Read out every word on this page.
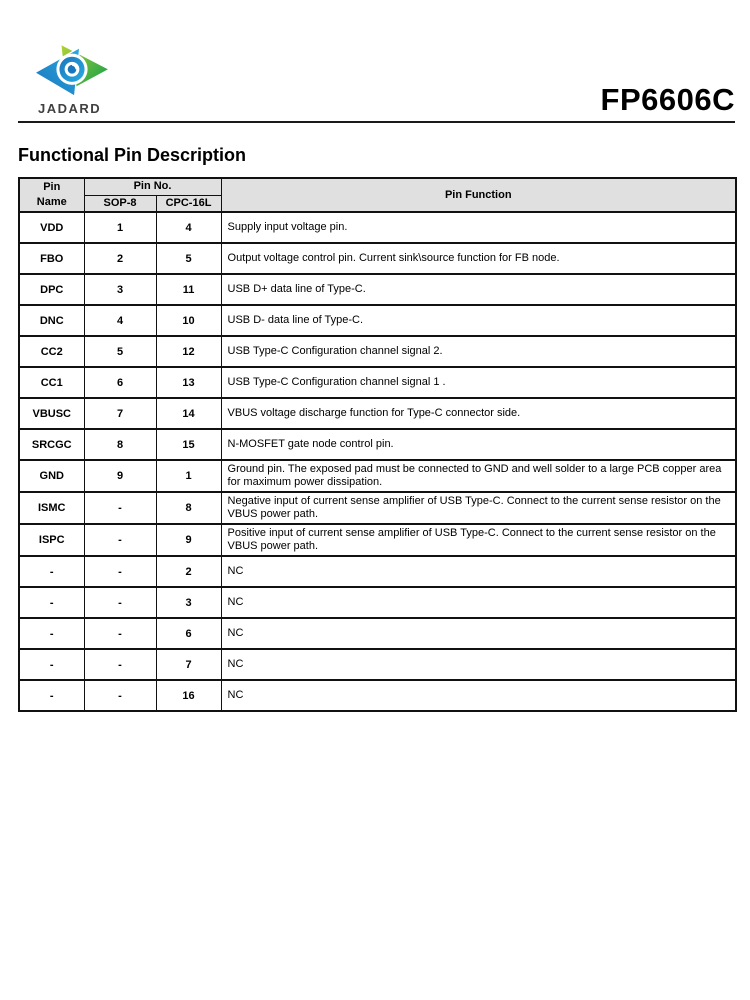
JADARD	FP6606C
Functional Pin Description
Pin
Name	Pin No.		Pin Function
	SOP-8	CPC-16L	
VDD	1	4	Supply input voltage pin.
FBO	2	5	Output voltage control pin. Current sink\source function for FB node.
DPC	3	11	USB D+ data line of Type-C.
DNC	4	10	USB D- data line of Type-C.
CC2	5	12	USB Type-C Configuration channel signal 2.
CC1	6	13	USB Type-C Configuration channel signal 1 .
VBUSC	7	14	VBUS voltage discharge function for Type-C connector side.
SRCGC	8	15	N-MOSFET gate node control pin.
GND	9	1	Ground pin. The exposed pad must be connected to GND and well solder to a large PCB copper area for maximum power dissipation.
ISMC	-	8	Negative input of current sense amplifier of USB Type-C. Connect to the current sense resistor on the VBUS power path.
ISPC	-	9	Positive input of current sense amplifier of USB Type-C. Connect to the current sense resistor on the VBUS power path.
-	-	2	NC
-	-	3	NC
-	-	6	NC
-	-	7	NC
-	-	16	NC
